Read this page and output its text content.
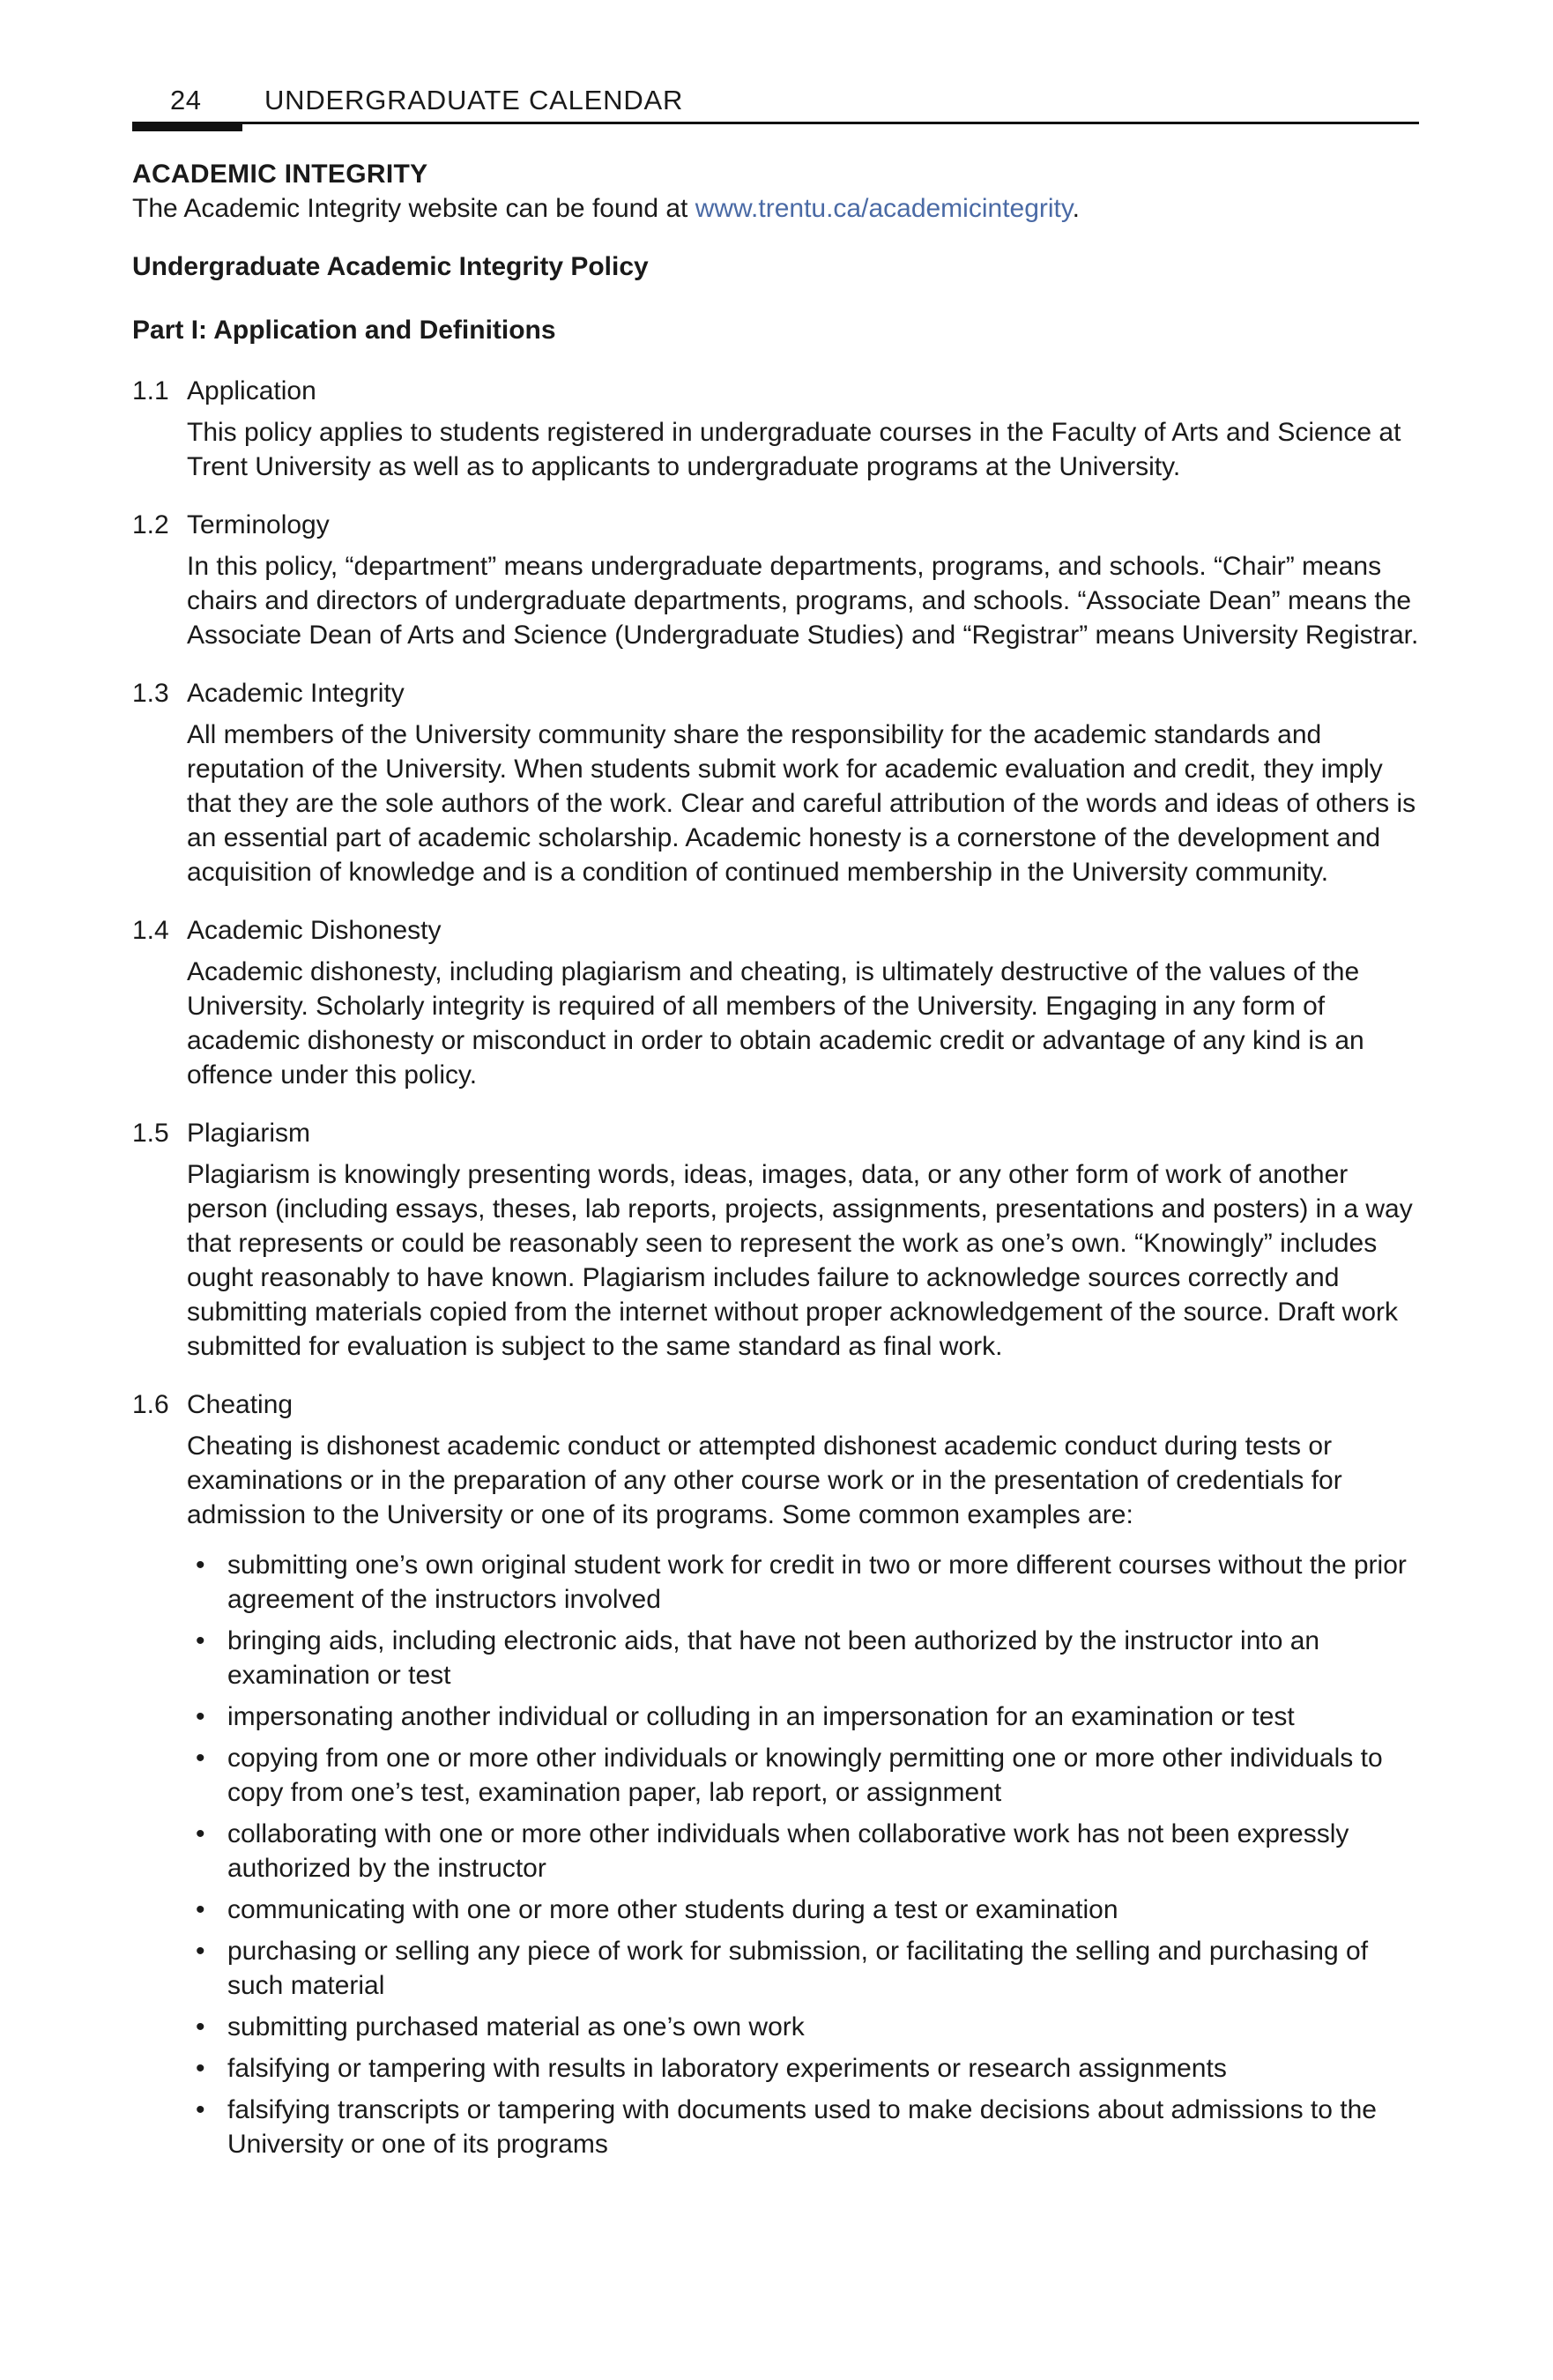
24 UNDERGRADUATE CALENDAR

ACADEMIC INTEGRITY

The Academic Integrity website can be found at www.trentu.ca/academicintegrity.

Undergraduate Academic Integrity Policy

Part I: Application and Definitions

1.1 Application
This policy applies to students registered in undergraduate courses in the Faculty of Arts and Science at Trent University as well as to applicants to undergraduate programs at the University.
1.2 Terminology
In this policy, “department” means undergraduate departments, programs, and schools. “Chair” means chairs and directors of undergraduate departments, programs, and schools. “Associate Dean” means the Associate Dean of Arts and Science (Undergraduate Studies) and “Registrar” means University Registrar.
1.3 Academic Integrity
All members of the University community share the responsibility for the academic standards and reputation of the University. When students submit work for academic evaluation and credit, they imply that they are the sole authors of the work. Clear and careful attribution of the words and ideas of others is an essential part of academic scholarship. Academic honesty is a cornerstone of the development and acquisition of knowledge and is a condition of continued membership in the University community.
1.4 Academic Dishonesty
Academic dishonesty, including plagiarism and cheating, is ultimately destructive of the values of the University. Scholarly integrity is required of all members of the University. Engaging in any form of academic dishonesty or misconduct in order to obtain academic credit or advantage of any kind is an offence under this policy.
1.5 Plagiarism
Plagiarism is knowingly presenting words, ideas, images, data, or any other form of work of another person (including essays, theses, lab reports, projects, assignments, presentations and posters) in a way that represents or could be reasonably seen to represent the work as one’s own. “Knowingly” includes ought reasonably to have known. Plagiarism includes failure to acknowledge sources correctly and submitting materials copied from the internet without proper acknowledgement of the source. Draft work submitted for evaluation is subject to the same standard as final work.
1.6 Cheating
Cheating is dishonest academic conduct or attempted dishonest academic conduct during tests or examinations or in the preparation of any other course work or in the presentation of credentials for admission to the University or one of its programs. Some common examples are:
• submitting one’s own original student work for credit in two or more different courses without the prior agreement of the instructors involved
• bringing aids, including electronic aids, that have not been authorized by the instructor into an examination or test
• impersonating another individual or colluding in an impersonation for an examination or test
• copying from one or more other individuals or knowingly permitting one or more other individuals to copy from one’s test, examination paper, lab report, or assignment
• collaborating with one or more other individuals when collaborative work has not been expressly authorized by the instructor
• communicating with one or more other students during a test or examination
• purchasing or selling any piece of work for submission, or facilitating the selling and purchasing of such material
• submitting purchased material as one’s own work
• falsifying or tampering with results in laboratory experiments or research assignments
• falsifying transcripts or tampering with documents used to make decisions about admissions to the University or one of its programs
